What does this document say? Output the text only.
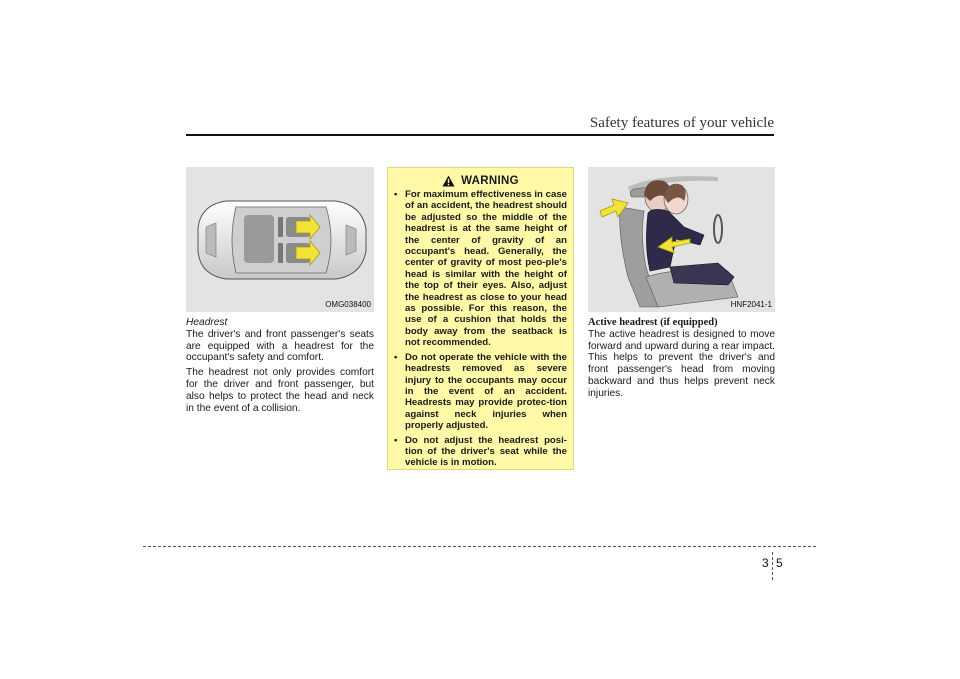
Safety features of your vehicle
OMG038400
Headrest

The driver's and front passenger's seats are equipped with a headrest for the occupant's safety and comfort.

The headrest not only provides comfort for the driver and front passenger, but also helps to protect the head and neck in the event of a collision.

WARNING
• For maximum effectiveness in case of an accident, the headrest should be adjusted so the middle of the headrest is at the same height of the center of gravity of an occupant's head. Generally, the center of gravity of most peo-ple's head is similar with the height of the top of their eyes. Also, adjust the headrest as close to your head as possible. For this reason, the use of a cushion that holds the body away from the seatback is not recommended.
• Do not operate the vehicle with the headrests removed as severe injury to the occupants may occur in the event of an accident. Headrests may provide protec-tion against neck injuries when properly adjusted.
• Do not adjust the headrest posi-tion of the driver's seat while the vehicle is in motion.
HNF2041-1
Active headrest (if equipped)

The active headrest is designed to move forward and upward during a rear impact. This helps to prevent the driver's and front passenger's head from moving backward and thus helps prevent neck injuries.

3 5
